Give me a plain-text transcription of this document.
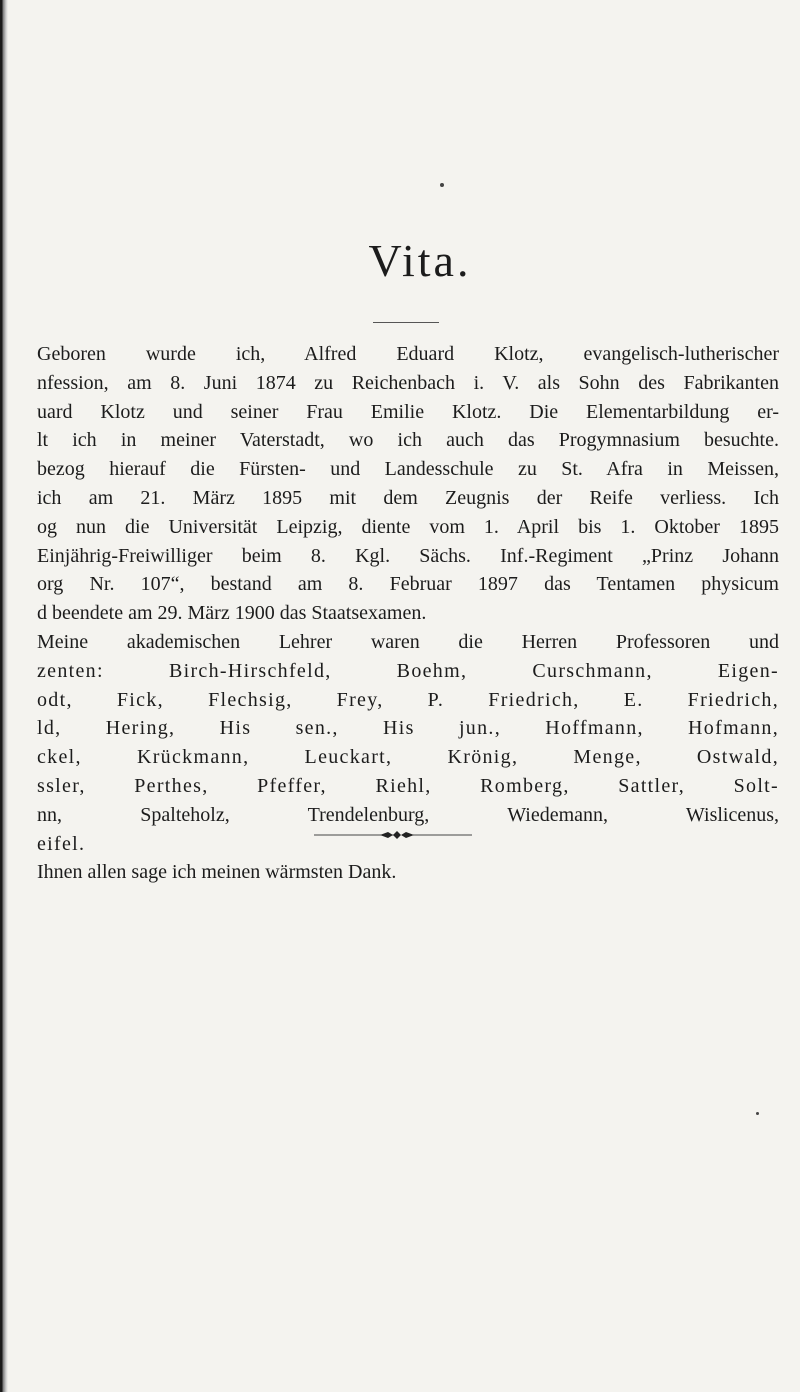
Vita.
Geboren wurde ich, Alfred Eduard Klotz, evangelisch-lutherischer
nfession, am 8. Juni 1874 zu Reichenbach i. V. als Sohn des Fabrikanten
uard Klotz und seiner Frau Emilie Klotz. Die Elementarbildung er-
lt ich in meiner Vaterstadt, wo ich auch das Progymnasium besuchte.
bezog hierauf die Fürsten- und Landesschule zu St. Afra in Meissen,
ich am 21. März 1895 mit dem Zeugnis der Reife verliess. Ich
og nun die Universität Leipzig, diente vom 1. April bis 1. Oktober 1895
Einjährig-Freiwilliger beim 8. Kgl. Sächs. Inf.-Regiment „Prinz Johann
org Nr. 107“, bestand am 8. Februar 1897 das Tentamen physicum
d beendete am 29. März 1900 das Staatsexamen.
Meine akademischen Lehrer waren die Herren Professoren und
zenten: Birch-Hirschfeld, Boehm, Curschmann, Eigen-
odt, Fick, Flechsig, Frey, P. Friedrich, E. Friedrich,
ld, Hering, His sen., His jun., Hoffmann, Hofmann,
ckel, Krückmann, Leuckart, Krönig, Menge, Ostwald,
ssler, Perthes, Pfeffer, Riehl, Romberg, Sattler, Solt-
nn, Spalteholz, Trendelenburg, Wiedemann, Wislicenus,
eifel.
Ihnen allen sage ich meinen wärmsten Dank.
